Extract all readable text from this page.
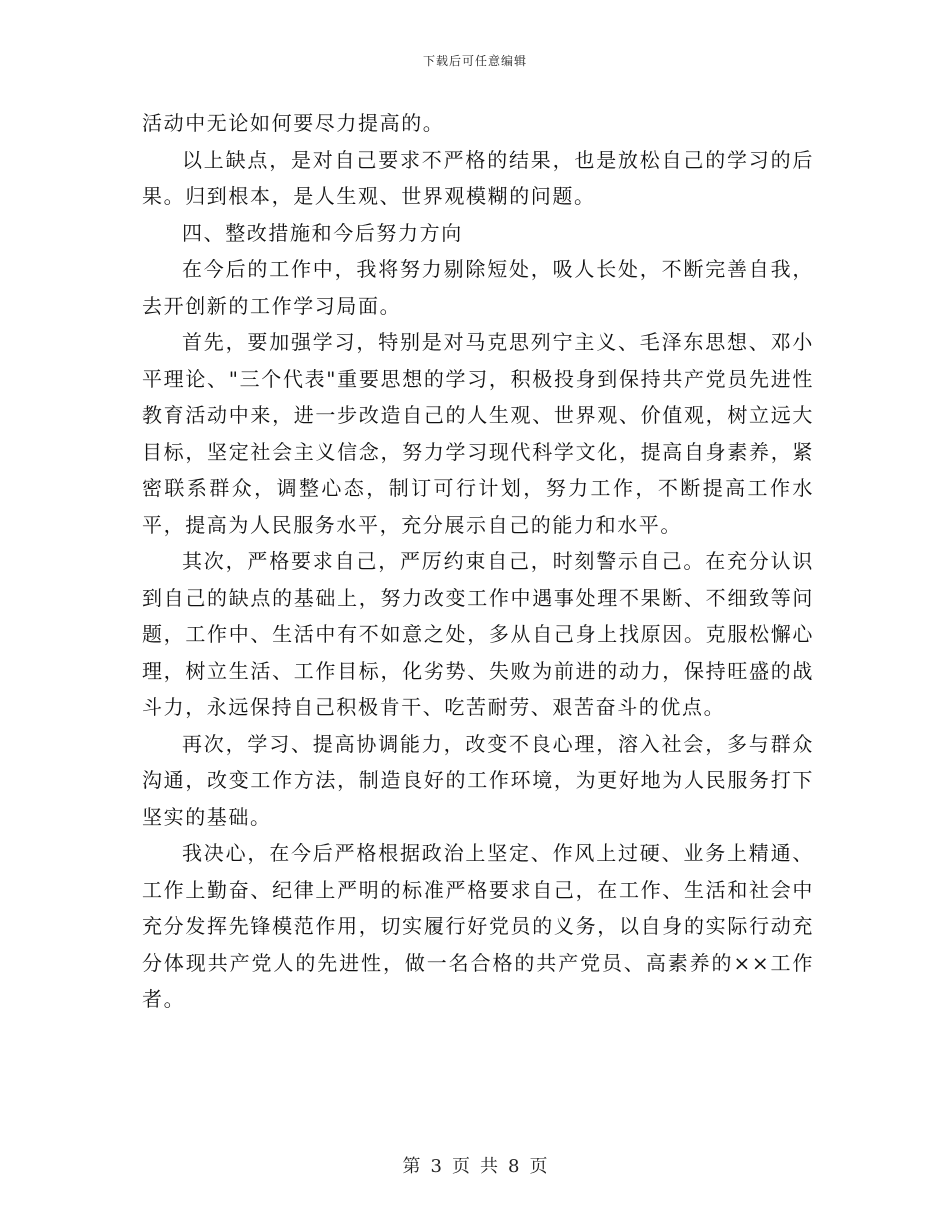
下载后可任意编辑

活动中无论如何要尽力提高的。

以上缺点，是对自己要求不严格的结果，也是放松自己的学习的后果。归到根本，是人生观、世界观模糊的问题。

四、整改措施和今后努力方向

在今后的工作中，我将努力剔除短处，吸人长处，不断完善自我，去开创新的工作学习局面。

首先，要加强学习，特别是对马克思列宁主义、毛泽东思想、邓小平理论、"三个代表"重要思想的学习，积极投身到保持共产党员先进性教育活动中来，进一步改造自己的人生观、世界观、价值观，树立远大目标，坚定社会主义信念，努力学习现代科学文化，提高自身素养，紧密联系群众，调整心态，制订可行计划，努力工作，不断提高工作水平，提高为人民服务水平，充分展示自己的能力和水平。

其次，严格要求自己，严厉约束自己，时刻警示自己。在充分认识到自己的缺点的基础上，努力改变工作中遇事处理不果断、不细致等问题，工作中、生活中有不如意之处，多从自己身上找原因。克服松懈心理，树立生活、工作目标，化劣势、失败为前进的动力，保持旺盛的战斗力，永远保持自己积极肯干、吃苦耐劳、艰苦奋斗的优点。

再次，学习、提高协调能力，改变不良心理，溶入社会，多与群众沟通，改变工作方法，制造良好的工作环境，为更好地为人民服务打下坚实的基础。

我决心，在今后严格根据政治上坚定、作风上过硬、业务上精通、工作上勤奋、纪律上严明的标准严格要求自己，在工作、生活和社会中充分发挥先锋模范作用，切实履行好党员的义务，以自身的实际行动充分体现共产党人的先进性，做一名合格的共产党员、高素养的××工作者。

第 3 页 共 8 页
